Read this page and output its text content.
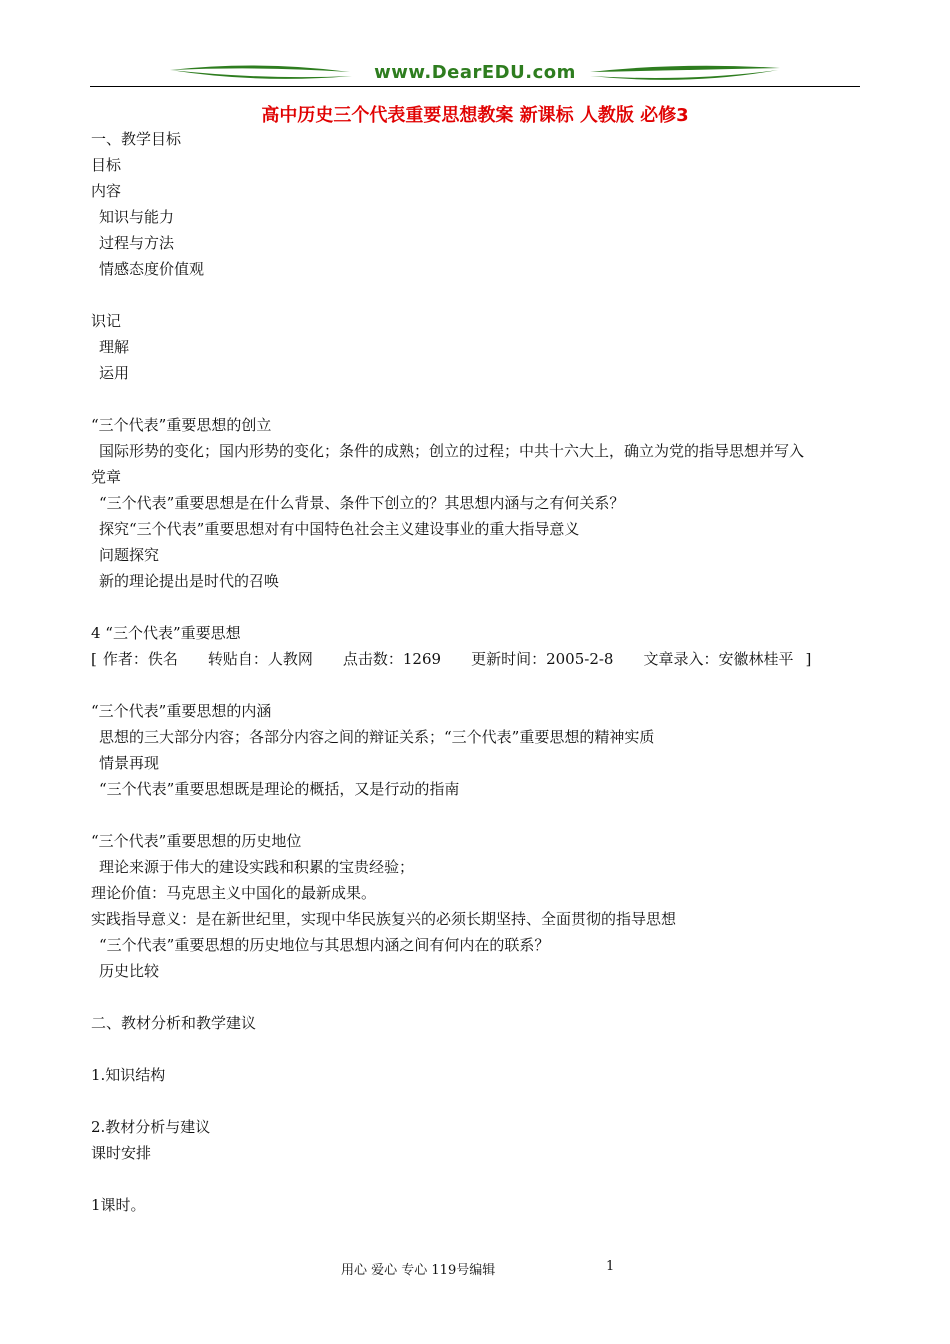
www.DearEDU.com
高中历史三个代表重要思想教案 新课标 人教版 必修3
一、教学目标
目标
内容
知识与能力
过程与方法
情感态度价值观
识记
理解
运用
“三个代表”重要思想的创立
国际形势的变化；国内形势的变化；条件的成熟；创立的过程；中共十六大上，确立为党的指导思想并写入
党章
“三个代表”重要思想是在什么背景、条件下创立的？其思想内涵与之有何关系？
探究“三个代表”重要思想对有中国特色社会主义建设事业的重大指导意义
问题探究
新的理论提出是时代的召唤
4 “三个代表”重要思想
[ 作者：佚名 转贴自：人教网 点击数：1269 更新时间：2005-2-8 文章录入：安徽林桂平 ]
“三个代表”重要思想的内涵
思想的三大部分内容；各部分内容之间的辩证关系；“三个代表”重要思想的精神实质
情景再现
“三个代表”重要思想既是理论的概括，又是行动的指南
“三个代表”重要思想的历史地位
理论来源于伟大的建设实践和积累的宝贵经验；
理论价值：马克思主义中国化的最新成果。
实践指导意义：是在新世纪里，实现中华民族复兴的必须长期坚持、全面贯彻的指导思想
“三个代表”重要思想的历史地位与其思想内涵之间有何内在的联系？
历史比较
二、教材分析和教学建议
1.知识结构
2.教材分析与建议
课时安排
1课时。
用心 爱心 专心 119号编辑	1
